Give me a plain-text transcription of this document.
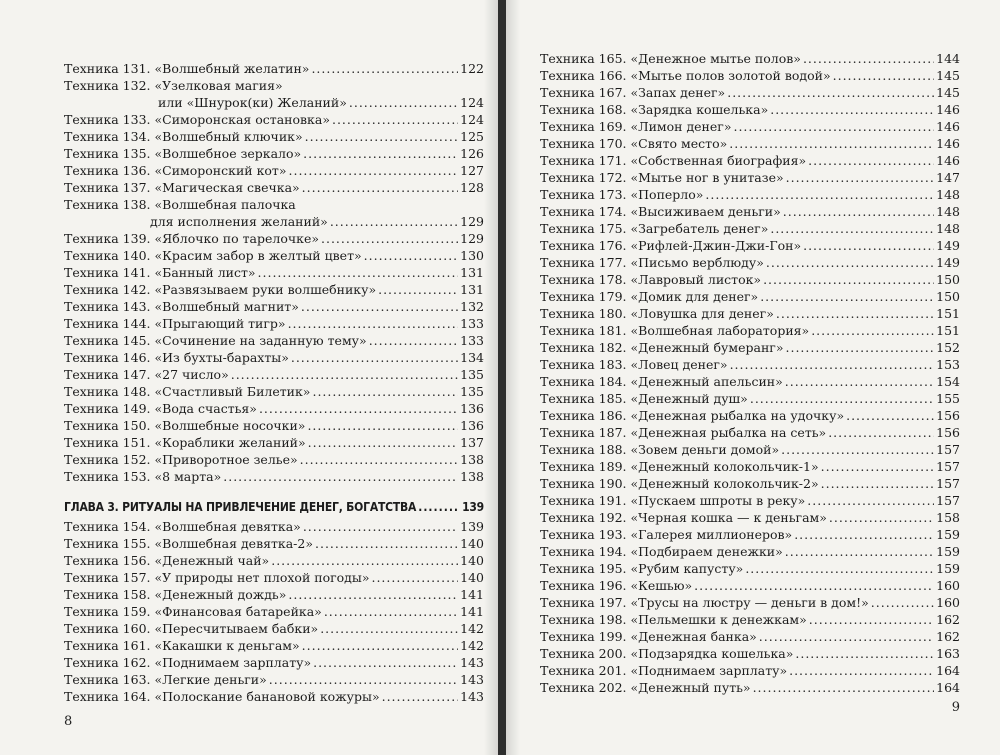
Техника 131. «Волшебный желатин» .....	122
Техника 132. «Узелковая магия»
или «Шнурок(ки) Желаний» .....	124
Техника 133. «Симоронская остановка» .....	124
Техника 134. «Волшебный ключик» .....	125
Техника 135. «Волшебное зеркало» .....	126
Техника 136. «Симоронский кот» .....	127
Техника 137. «Магическая свечка» .....	128
Техника 138. «Волшебная палочка
для исполнения желаний» .....	129
Техника 139. «Яблочко по тарелочке» .....	129
Техника 140. «Красим забор в желтый цвет» .....	130
Техника 141. «Банный лист» .....	131
Техника 142. «Развязываем руки волшебнику» .....	131
Техника 143. «Волшебный магнит» .....	132
Техника 144. «Прыгающий тигр» .....	133
Техника 145. «Сочинение на заданную тему» .....	133
Техника 146. «Из бухты-барахты» .....	134
Техника 147. «27 число» .....	135
Техника 148. «Счастливый Билетик» .....	135
Техника 149. «Вода счастья» .....	136
Техника 150. «Волшебные носочки» .....	136
Техника 151. «Кораблики желаний» .....	137
Техника 152. «Приворотное зелье» .....	138
Техника 153. «8 марта» .....	138
ГЛАВА 3. РИТУАЛЫ НА ПРИВЛЕЧЕНИЕ ДЕНЕГ, БОГАТСТВА .....	139
Техника 154. «Волшебная девятка» .....	139
Техника 155. «Волшебная девятка-2» .....	140
Техника 156. «Денежный чай» .....	140
Техника 157. «У природы нет плохой погоды» .....	140
Техника 158. «Денежный дождь» .....	141
Техника 159. «Финансовая батарейка» .....	141
Техника 160. «Пересчитываем бабки» .....	142
Техника 161. «Какашки к деньгам» .....	142
Техника 162. «Поднимаем зарплату» .....	143
Техника 163. «Легкие деньги» .....	143
Техника 164. «Полоскание банановой кожуры» .....	143
8
Техника 165. «Денежное мытье полов» .....	144
Техника 166. «Мытье полов золотой водой» .....	145
Техника 167. «Запах денег» .....	145
Техника 168. «Зарядка кошелька» .....	146
Техника 169. «Лимон денег» .....	146
Техника 170. «Свято место» .....	146
Техника 171. «Собственная биография» .....	146
Техника 172. «Мытье ног в унитазе» .....	147
Техника 173. «Поперло» .....	148
Техника 174. «Высиживаем деньги» .....	148
Техника 175. «Загребатель денег» .....	148
Техника 176. «Рифлей-Джин-Джи-Гон» .....	149
Техника 177. «Письмо верблюду» .....	149
Техника 178. «Лавровый листок» .....	150
Техника 179. «Домик для денег» .....	150
Техника 180. «Ловушка для денег» .....	151
Техника 181. «Волшебная лаборатория» .....	151
Техника 182. «Денежный бумеранг» .....	152
Техника 183. «Ловец денег» .....	153
Техника 184. «Денежный апельсин» .....	154
Техника 185. «Денежный душ» .....	155
Техника 186. «Денежная рыбалка на удочку» .....	156
Техника 187. «Денежная рыбалка на сеть» .....	156
Техника 188. «Зовем деньги домой» .....	157
Техника 189. «Денежный колокольчик-1» .....	157
Техника 190. «Денежный колокольчик-2» .....	157
Техника 191. «Пускаем шпроты в реку» .....	157
Техника 192. «Черная кошка — к деньгам» .....	158
Техника 193. «Галерея миллионеров» .....	159
Техника 194. «Подбираем денежки» .....	159
Техника 195. «Рубим капусту» .....	159
Техника 196. «Кешью» .....	160
Техника 197. «Трусы на люстру — деньги в дом!» .....	160
Техника 198. «Пельмешки к денежкам» .....	162
Техника 199. «Денежная банка» .....	162
Техника 200. «Подзарядка кошелька» .....	163
Техника 201. «Поднимаем зарплату» .....	164
Техника 202. «Денежный путь» .....	164
9
